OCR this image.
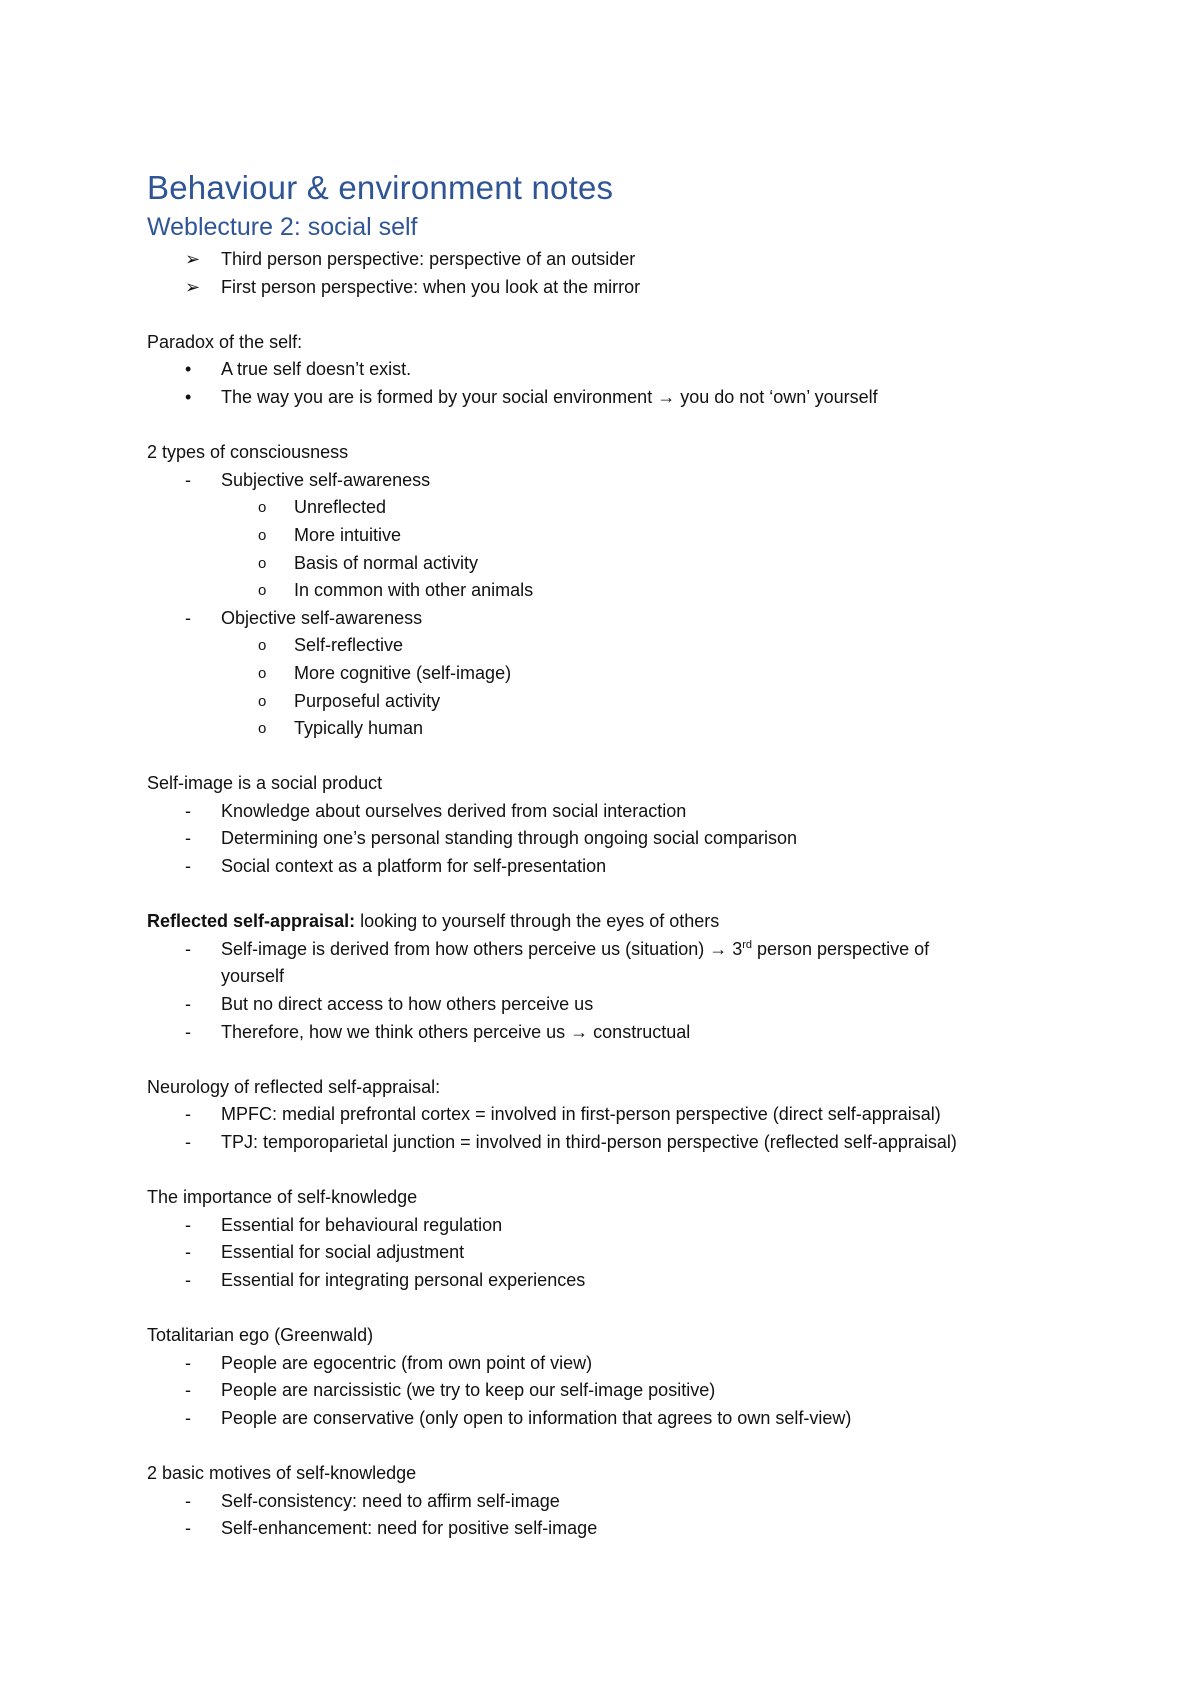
Behaviour & environment notes
Weblecture 2: social self
➢	Third person perspective: perspective of an outsider
➢	First person perspective: when you look at the mirror
Paradox of the self:
•	A true self doesn’t exist.
•	The way you are is formed by your social environment → you do not ‘own’ yourself
2 types of consciousness
-	Subjective self-awareness
o	Unreflected
o	More intuitive
o	Basis of normal activity
o	In common with other animals
-	Objective self-awareness
o	Self-reflective
o	More cognitive (self-image)
o	Purposeful activity
o	Typically human
Self-image is a social product
-	Knowledge about ourselves derived from social interaction
-	Determining one’s personal standing through ongoing social comparison
-	Social context as a platform for self-presentation
Reflected self-appraisal: looking to yourself through the eyes of others
-	Self-image is derived from how others perceive us (situation) → 3rd person perspective of
yourself
-	But no direct access to how others perceive us
-	Therefore, how we think others perceive us → constructual
Neurology of reflected self-appraisal:
-	MPFC: medial prefrontal cortex = involved in first-person perspective (direct self-appraisal)
-	TPJ: temporoparietal junction = involved in third-person perspective (reflected self-appraisal)
The importance of self-knowledge
-	Essential for behavioural regulation
-	Essential for social adjustment
-	Essential for integrating personal experiences
Totalitarian ego (Greenwald)
-	People are egocentric (from own point of view)
-	People are narcissistic (we try to keep our self-image positive)
-	People are conservative (only open to information that agrees to own self-view)
2 basic motives of self-knowledge
-	Self-consistency: need to affirm self-image
-	Self-enhancement: need for positive self-image
